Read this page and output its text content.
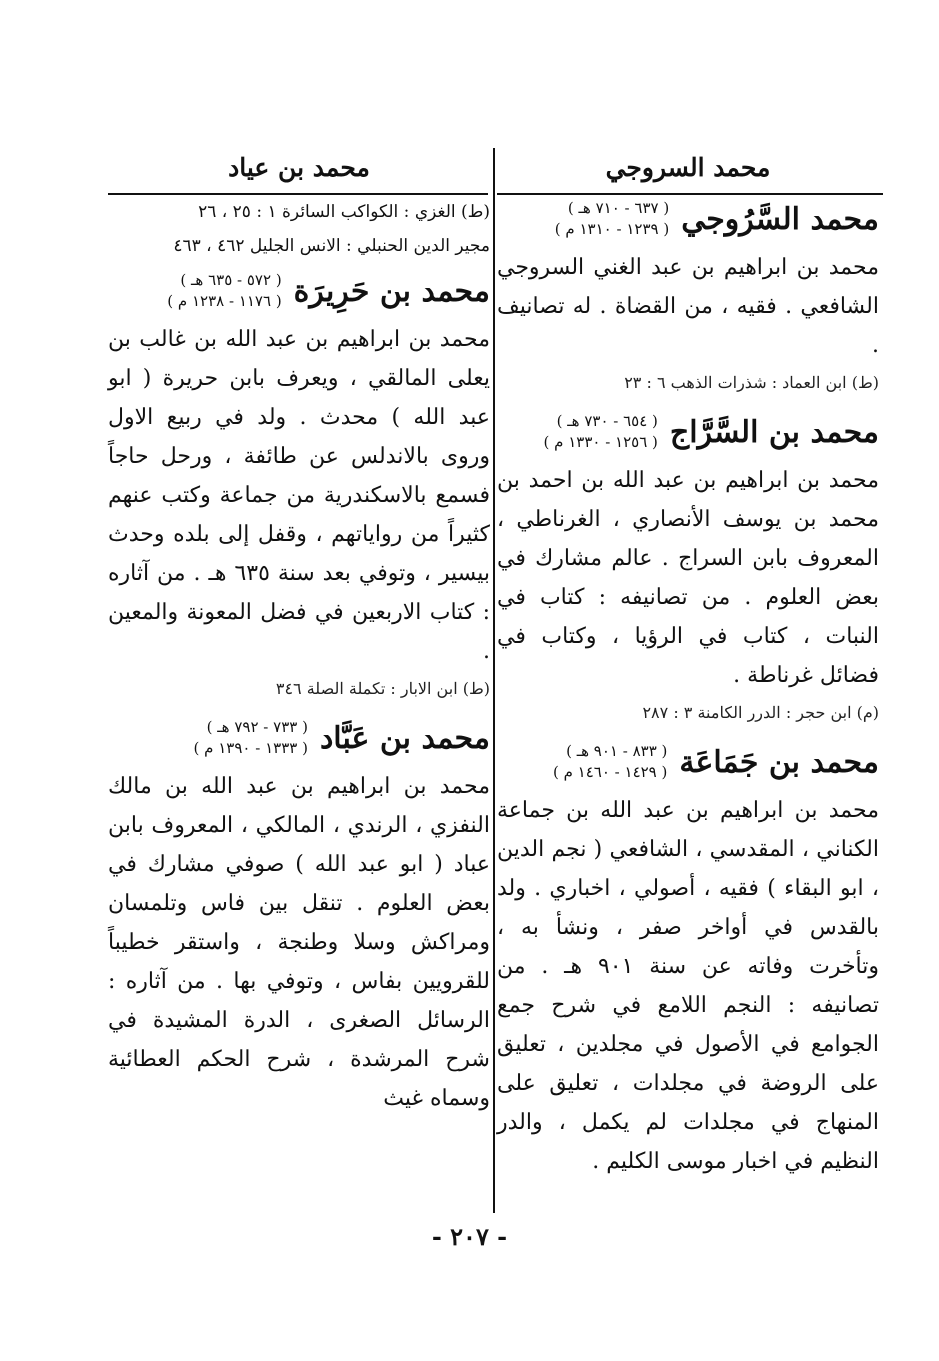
محمد السروجي
محمد السَّرُوجي
( ٦٣٧ - ٧١٠ هـ )
( ١٢٣٩ - ١٣١٠ م )
محمد بن ابراهيم بن عبد الغني السروجي الشافعي . فقيه ، من القضاة . له تصانيف .
(ط) ابن العماد : شذرات الذهب ٦ : ٢٣
محمد بن السَّرَّاج
( ٦٥٤ - ٧٣٠ هـ )
( ١٢٥٦ - ١٣٣٠ م )
محمد بن ابراهيم بن عبد الله بن احمد بن محمد بن يوسف الأنصاري ، الغرناطي ، المعروف بابن السراج . عالم مشارك في بعض العلوم . من تصانيفه : كتاب في النبات ، كتاب في الرؤيا ، وكتاب في فضائل غرناطة .
(م) ابن حجر : الدرر الكامنة ٣ : ٢٨٧
محمد بن جَمَاعَة
( ٨٣٣ - ٩٠١ هـ )
( ١٤٢٩ - ١٤٦٠ م )
محمد بن ابراهيم بن عبد الله بن جماعة الكناني ، المقدسي ، الشافعي ( نجم الدين ، ابو البقاء ) فقيه ، أصولي ، اخباري . ولد بالقدس في أواخر صفر ، ونشأ به ، وتأخرت وفاته عن سنة ٩٠١ هـ . من تصانيفه : النجم اللامع في شرح جمع الجوامع في الأصول في مجلدين ، تعليق على الروضة في مجلدات ، تعليق على المنهاج في مجلدات لم يكمل ، والدر النظيم في اخبار موسى الكليم .
محمد بن عياد
(ط) الغزي : الكواكب السائرة ١ : ٢٥ ، ٢٦
مجير الدين الحنبلي : الانس الجليل ٤٦٢ ، ٤٦٣
محمد بن حَرِيرَة
( ٥٧٢ - ٦٣٥ هـ )
( ١١٧٦ - ١٢٣٨ م )
محمد بن ابراهيم بن عبد الله بن غالب بن يعلى المالقي ، ويعرف بابن حريرة ( ابو عبد الله ) محدث . ولد في ربيع الاول وروى بالاندلس عن طائفة ، ورحل حاجاً فسمع بالاسكندرية من جماعة وكتب عنهم كثيراً من رواياتهم ، وقفل إلى بلده وحدث بيسير ، وتوفي بعد سنة ٦٣٥ هـ . من آثاره : كتاب الاربعين في فضل المعونة والمعين .
(ط) ابن الابار : تكملة الصلة ٣٤٦
محمد بن عَبَّاد
( ٧٣٣ - ٧٩٢ هـ )
( ١٣٣٣ - ١٣٩٠ م )
محمد بن ابراهيم بن عبد الله بن مالك النفزي ، الرندي ، المالكي ، المعروف بابن عباد ( ابو عبد الله ) صوفي مشارك في بعض العلوم . تنقل بين فاس وتلمسان ومراكش وسلا وطنجة ، واستقر خطيباً للقرويين بفاس ، وتوفي بها . من آثاره : الرسائل الصغرى ، الدرة المشيدة في شرح المرشدة ، شرح الحكم العطائية وسماه غيث
- ٢٠٧ -
